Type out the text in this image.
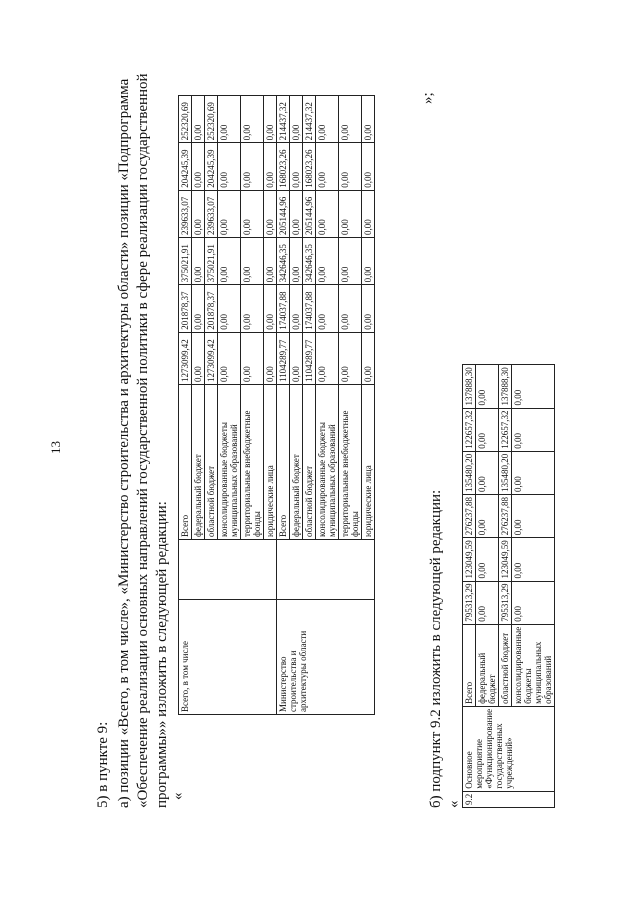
13
5) в пункте 9: а) позиции «Всего, в том числе», «Министерство строительства и архитектуры области» позиции «Подпрограмма «Обеспечение реализации основных направлений государственной политики в сфере реализации государственной программы»» изложить в следующей редакции: «
Всего, в том числе		Всего	1273099,42	201878,37	375021,91	239633,07	204245,39	252320,69
		федеральный бюджет	0,00	0,00	0,00	0,00	0,00	0,00
		областной бюджет	1273099,42	201878,37	375021,91	239633,07	204245,39	252320,69
		консолидированные бюджеты муниципальных образований	0,00	0,00	0,00	0,00	0,00	0,00
		территориальные внебюджетные фонды	0,00	0,00	0,00	0,00	0,00	0,00
		юридические лица	0,00	0,00	0,00	0,00	0,00	0,00
Министерство строительства и архитектуры области		Всего	1104289,77	174037,88	342646,35	205144,96	168023,26	214437,32
		федеральный бюджет	0,00	0,00	0,00	0,00	0,00	0,00
		областной бюджет	1104289,77	174037,88	342646,35	205144,96	168023,26	214437,32
		консолидированные бюджеты муниципальных образований	0,00	0,00	0,00	0,00	0,00	0,00
		территориальные внебюджетные фонды	0,00	0,00	0,00	0,00	0,00	0,00
		юридические лица	0,00	0,00	0,00	0,00	0,00	0,00
»;
б) подпункт 9.2 изложить в следующей редакции: « 9.2	Основное мероприятие «Функционирование государственных учреждений»	Всего	795313,29	123049,59	276237,88	135480,20	122657,32	137888,30
		федеральный бюджет	0,00	0,00	0,00	0,00	0,00	0,00
		областной бюджет	795313,29	123049,59	276237,88	135480,20	122657,32	137888,30
		консолидированные бюджеты муниципальных образований	0,00	0,00	0,00	0,00	0,00	0,00
